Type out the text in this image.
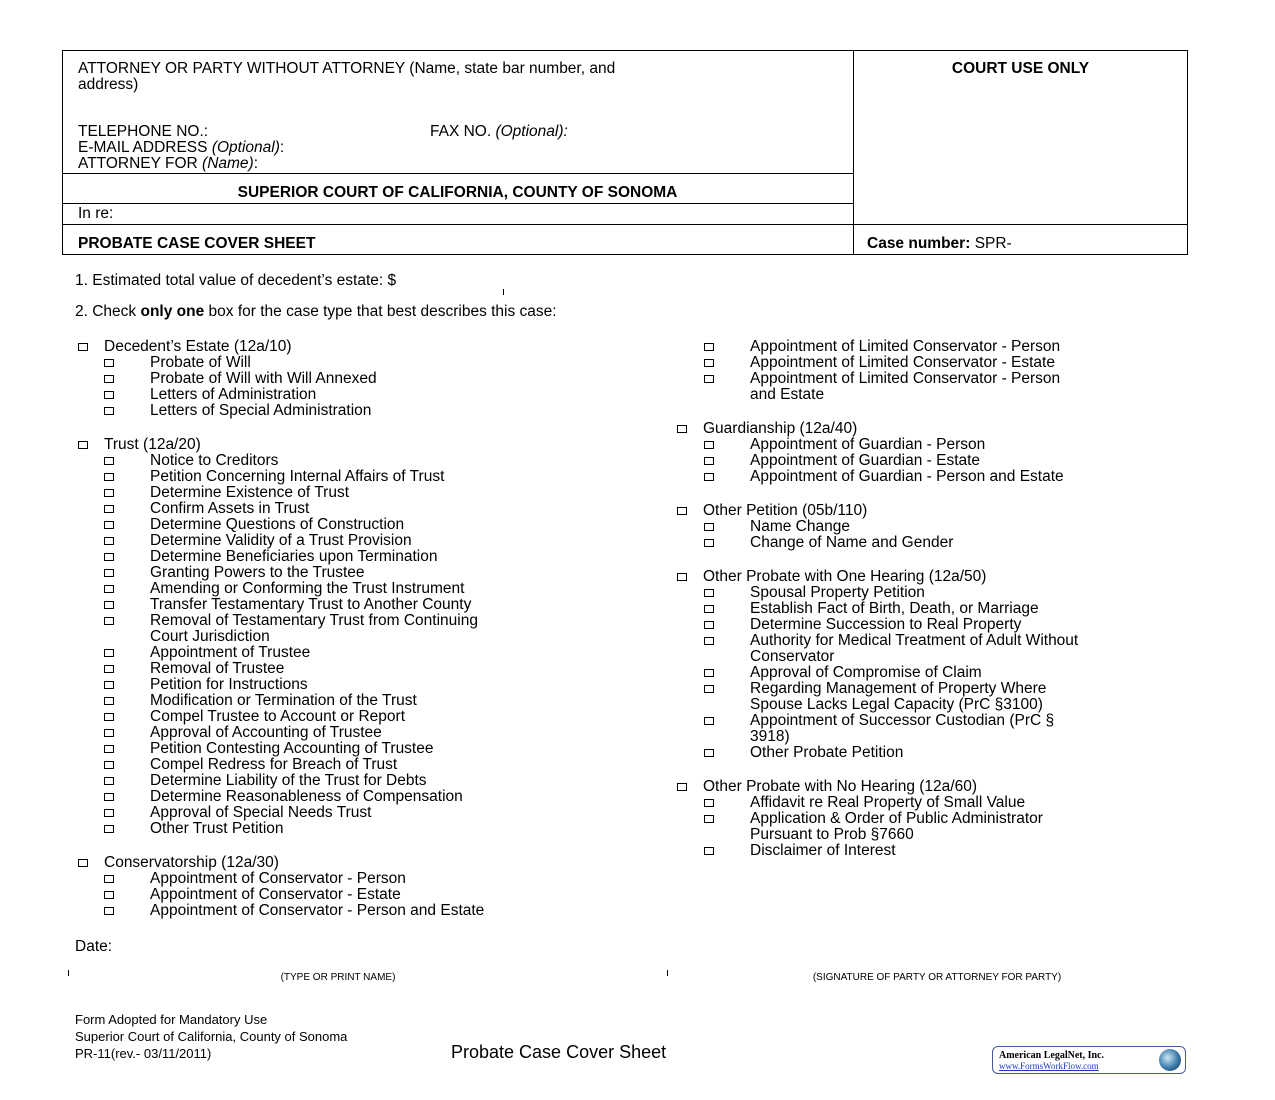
ATTORNEY OR PARTY WITHOUT ATTORNEY (Name, state bar number, and
address)
TELEPHONE NO.:	FAX NO. (Optional):
E-MAIL ADDRESS (Optional):
ATTORNEY FOR (Name):
COURT USE ONLY
SUPERIOR COURT OF CALIFORNIA, COUNTY OF SONOMA
In re:
PROBATE CASE COVER SHEET	Case number: SPR-
1. Estimated total value of decedent’s estate: $
2. Check only one box for the case type that best describes this case:
Decedent’s Estate (12a/10)
Probate of Will
Probate of Will with Will Annexed
Letters of Administration
Letters of Special Administration
Trust (12a/20)
Notice to Creditors
Petition Concerning Internal Affairs of Trust
Determine Existence of Trust
Confirm Assets in Trust
Determine Questions of Construction
Determine Validity of a Trust Provision
Determine Beneficiaries upon Termination
Granting Powers to the Trustee
Amending or Conforming the Trust Instrument
Transfer Testamentary Trust to Another County
Removal of Testamentary Trust from Continuing
Court Jurisdiction
Appointment of Trustee
Removal of Trustee
Petition for Instructions
Modification or Termination of the Trust
Compel Trustee to Account or Report
Approval of Accounting of Trustee
Petition Contesting Accounting of Trustee
Compel Redress for Breach of Trust
Determine Liability of the Trust for Debts
Determine Reasonableness of Compensation
Approval of Special Needs Trust
Other Trust Petition
Conservatorship (12a/30)
Appointment of Conservator - Person
Appointment of Conservator - Estate
Appointment of Conservator - Person and Estate
Appointment of Limited Conservator - Person
Appointment of Limited Conservator - Estate
Appointment of Limited Conservator - Person
and Estate
Guardianship (12a/40)
Appointment of Guardian - Person
Appointment of Guardian - Estate
Appointment of Guardian - Person and Estate
Other Petition (05b/110)
Name Change
Change of Name and Gender
Other Probate with One Hearing (12a/50)
Spousal Property Petition
Establish Fact of Birth, Death, or Marriage
Determine Succession to Real Property
Authority for Medical Treatment of Adult Without
Conservator
Approval of Compromise of Claim
Regarding Management of Property Where
Spouse Lacks Legal Capacity (PrC §3100)
Appointment of Successor Custodian (PrC §
3918)
Other Probate Petition
Other Probate with No Hearing (12a/60)
Affidavit re Real Property of Small Value
Application & Order of Public Administrator
Pursuant to Prob §7660
Disclaimer of Interest
Date:
(TYPE OR PRINT NAME)	(SIGNATURE OF PARTY OR ATTORNEY FOR PARTY)
Form Adopted for Mandatory Use
Superior Court of California, County of Sonoma
PR-11(rev.- 03/11/2011)	Probate Case Cover Sheet	American LegalNet, Inc.
www.FormsWorkFlow.com
